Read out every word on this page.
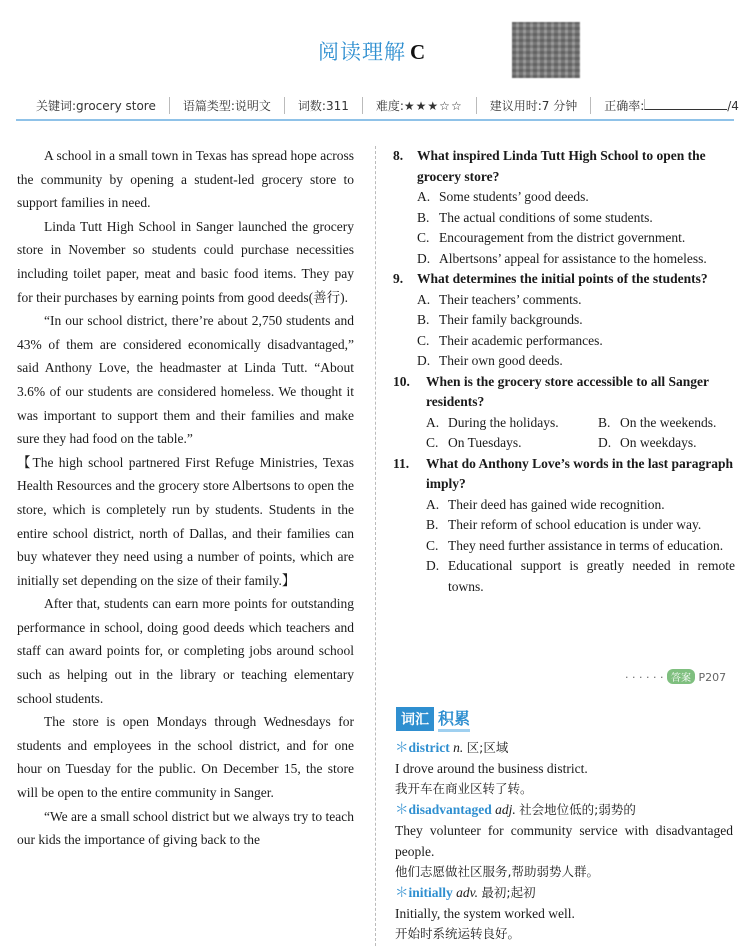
阅读理解 C
关键词:grocery store	语篇类型:说明文	词数:311	难度:★★★☆☆	建议用时:7 分钟	正确率:	/4

A school in a small town in Texas has spread hope across the community by opening a student-led grocery store to support families in need.

Linda Tutt High School in Sanger launched the grocery store in November so students could purchase necessities including toilet paper, meat and basic food items. They pay for their purchases by earning points from good deeds(善行).

“In our school district, there’re about 2,750 students and 43% of them are considered economically disadvantaged,” said Anthony Love, the headmaster at Linda Tutt. “About 3.6% of our students are considered homeless. We thought it was important to support them and their families and make sure they had food on the table.”

【The high school partnered First Refuge Ministries, Texas Health Resources and the grocery store Albertsons to open the store, which is completely run by students. Students in the entire school district, north of Dallas, and their families can buy whatever they need using a number of points, which are initially set depending on the size of their family.】

After that, students can earn more points for outstanding performance in school, doing good deeds which teachers and staff can award points for, or completing jobs around school such as helping out in the library or teaching elementary school students.

The store is open Mondays through Wednesdays for students and employees in the school district, and for one hour on Tuesday for the public. On December 15, the store will be open to the entire community in Sanger.

“We are a small school district but we always try to teach our kids the importance of giving back to the

8.	What inspired Linda Tutt High School to open the grocery store?
A. Some students’ good deeds.
B. The actual conditions of some students.
C. Encouragement from the district government.
D. Albertsons’ appeal for assistance to the homeless.
9.	What determines the initial points of the students?
A. Their teachers’ comments.
B. Their family backgrounds.
C. Their academic performances.
D. Their own good deeds.
10.	When is the grocery store accessible to all Sanger residents?
A. During the holidays.	B. On the weekends.
C. On Tuesdays.	D. On weekdays.
11.	What do Anthony Love’s words in the last paragraph imply?
A. Their deed has gained wide recognition.
B. Their reform of school education is under way.
C. They need further assistance in terms of education.
D. Educational support is greatly needed in remote towns.
· · · · · · 答案 P207
词汇 积累
＊district n. 区;区域
I drove around the business district.
我开车在商业区转了转。
＊disadvantaged adj. 社会地位低的;弱势的
They volunteer for community service with disadvantaged people.
他们志愿做社区服务,帮助弱势人群。
＊initially adv. 最初;起初
Initially, the system worked well.
开始时系统运转良好。
